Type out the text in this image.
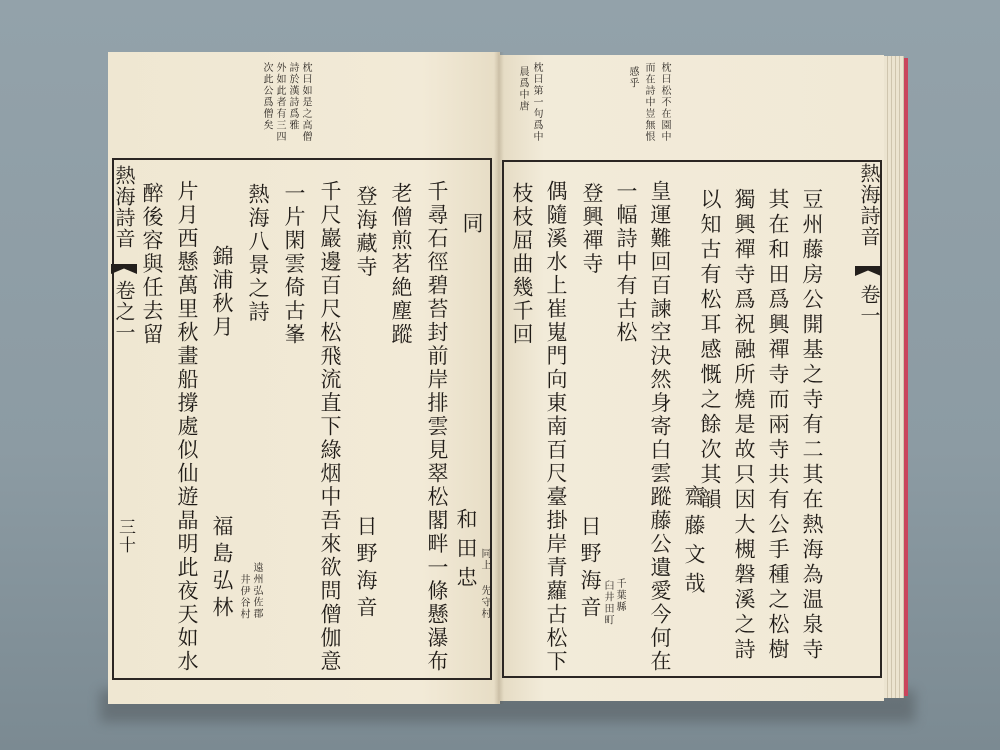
枕曰如是之高僧
詩於漢詩爲雅
外如此者有三四
次此公爲僧矣
熱海詩音
卷之一
三十
同
千尋石徑碧苔封前岸排雲見翠松閣畔一條懸瀑布
老僧煎茗絶塵蹤
登海藏寺
千尺巖邊百尺松飛流直下綠烟中吾來欲問僧伽意
一片閑雲倚古峯
熱海八景之詩
錦浦秋月
片月西懸萬里秋畫船撐處似仙遊晶明此夜天如水
醉後容與任去留
和田忠 同上
先守村
日野海音
福島弘林 遠州弘佐郡
井伊谷村
枕曰第一句爲中
晨爲中唐	枕曰松不在園中
而在詩中豈無恨
感乎
熱海詩音
卷一
豆州藤房公開基之寺有二其在熱海為温泉寺
其在和田爲興禪寺而兩寺共有公手種之松樹
獨興禪寺爲祝融所燒是故只因大槻磐溪之詩
以知古有松耳感慨之餘次其韻
皇運難回百諫空決然身寄白雲蹤藤公遺愛今何在
一幅詩中有古松
登興禪寺
偶隨溪水上崔嵬門向東南百尺臺掛岸青蘿古松下
枝枝屈曲幾千回
齋藤文哉
日野海音 千葉縣
臼井田町
